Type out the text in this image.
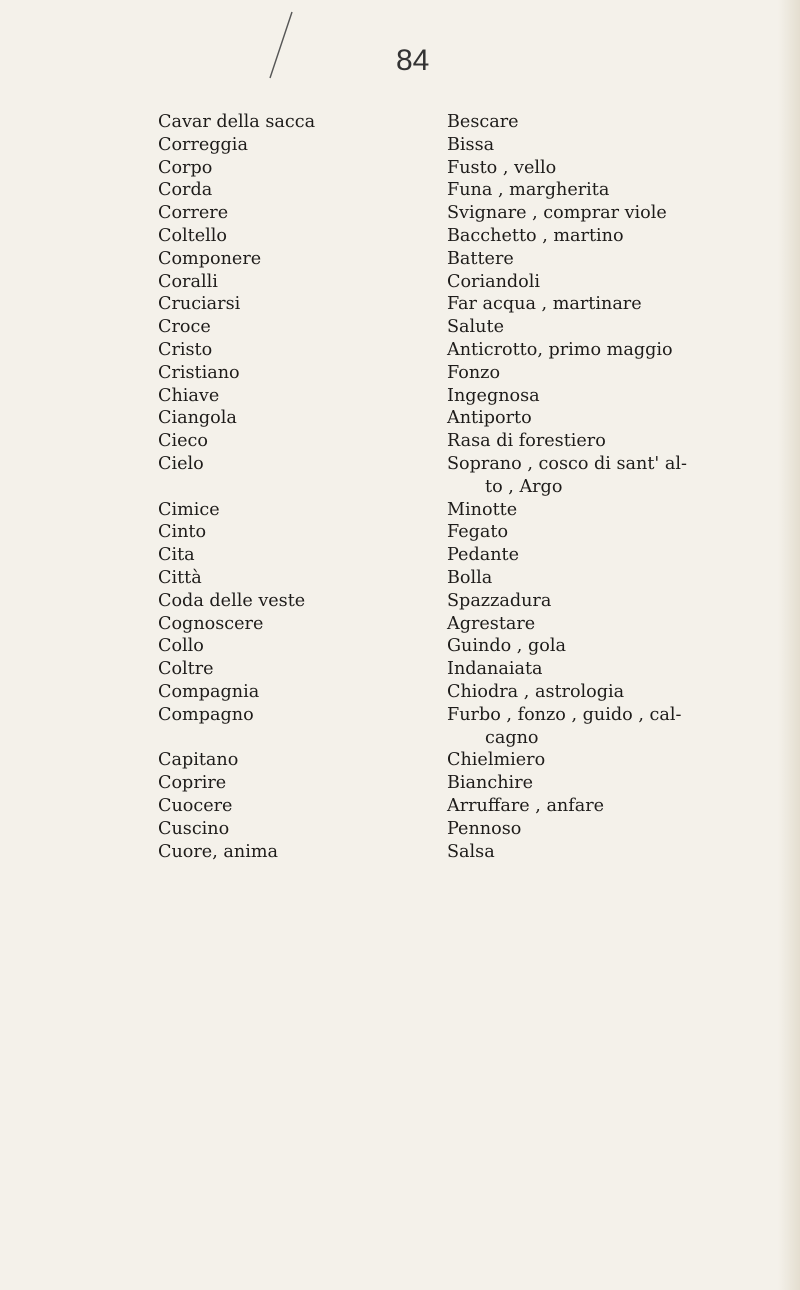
84
Cavar della sacca	Bescare
Correggia	Bissa
Corpo	Fusto , vello
Corda	Funa , margherita
Correre	Svignare , comprar viole
Coltello	Bacchetto , martino
Componere	Battere
Coralli	Coriandoli
Cruciarsi	Far acqua , martinare
Croce	Salute
Cristo	Anticrotto, primo maggio
Cristiano	Fonzo
Chiave	Ingegnosa
Ciangola	Antiporto
Cieco	Rasa di forestiero
Cielo	Soprano , cosco di sant' al-
to , Argo
Cimice	Minotte
Cinto	Fegato
Cita	Pedante
Città	Bolla
Coda delle veste	Spazzadura
Cognoscere	Agrestare
Collo	Guindo , gola
Coltre	Indanaiata
Compagnia	Chiodra , astrologia
Compagno	Furbo , fonzo , guido , cal-
cagno
Capitano	Chielmiero
Coprire	Bianchire
Cuocere	Arruffare , anfare
Cuscino	Pennoso
Cuore, anima	Salsa
